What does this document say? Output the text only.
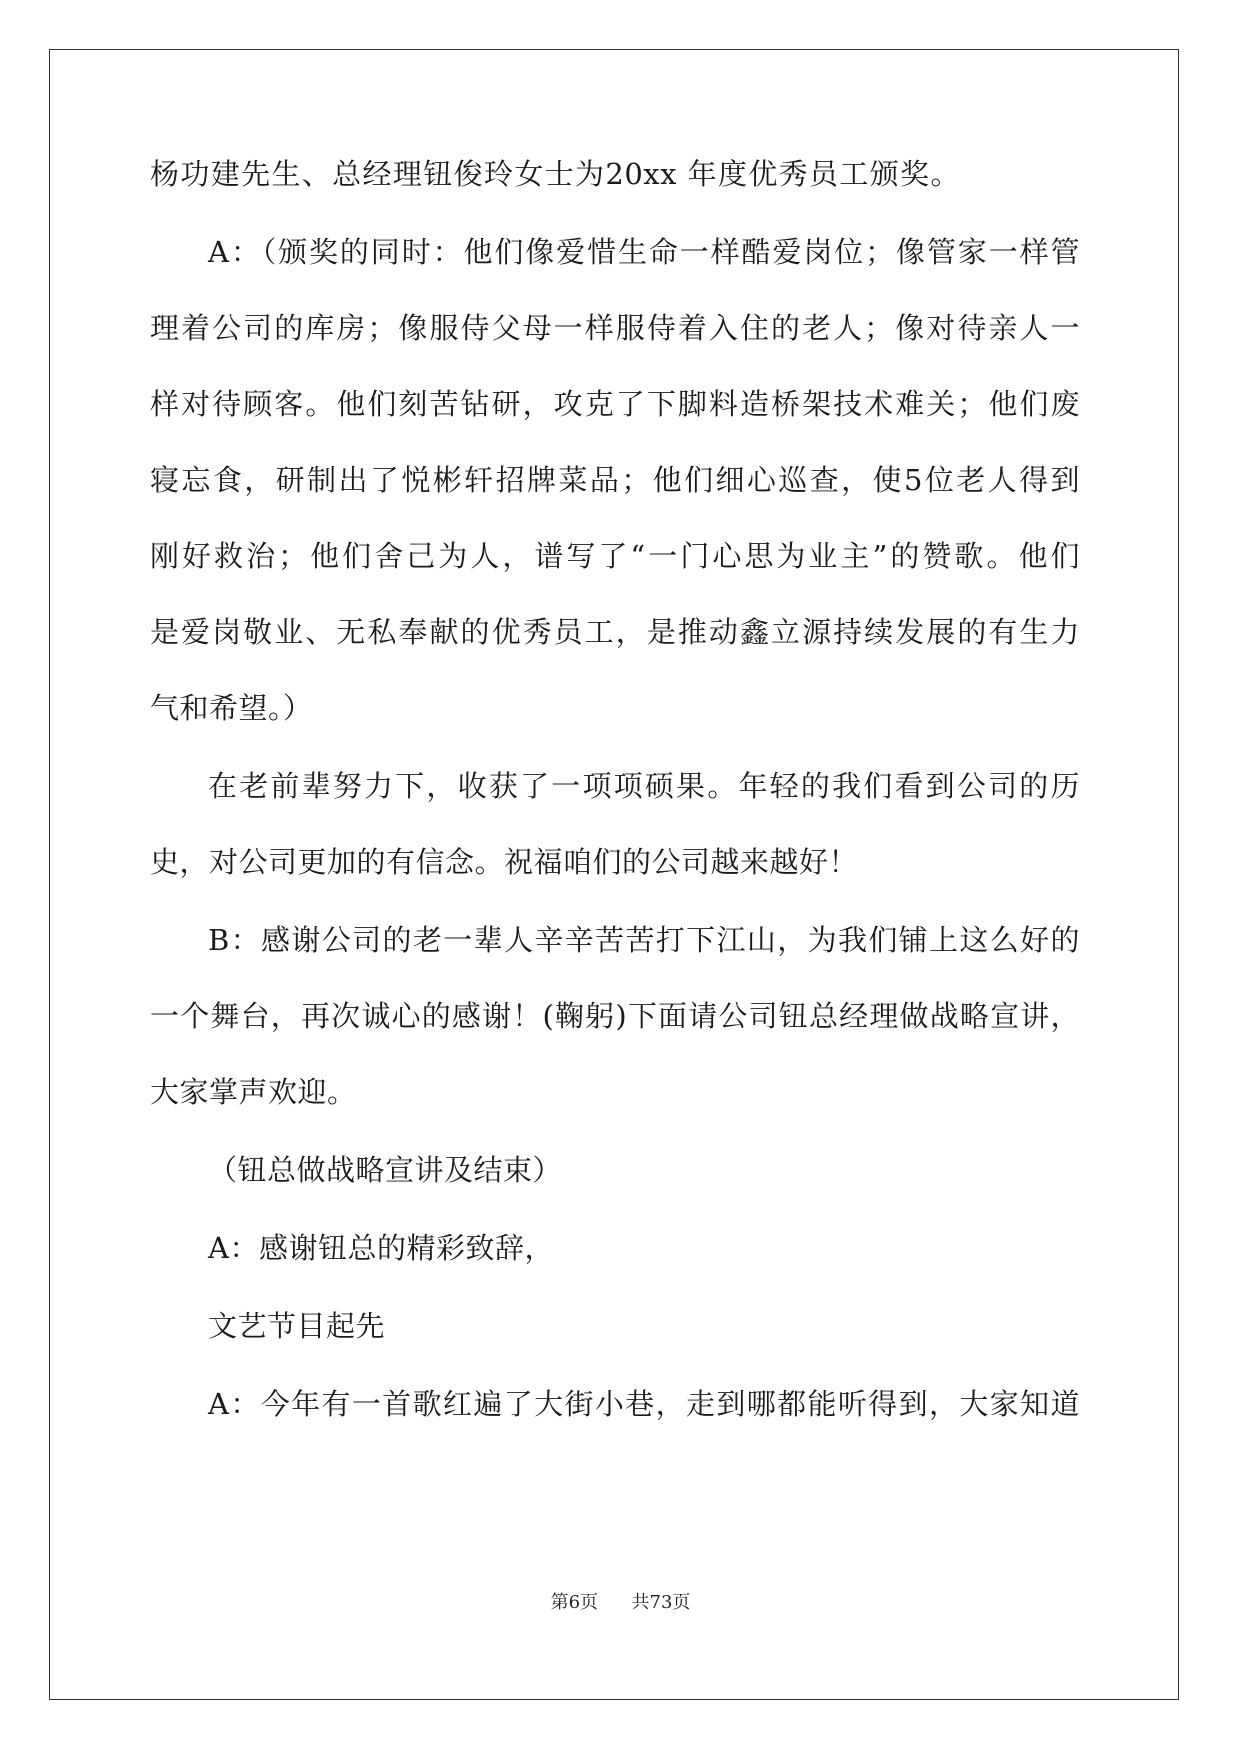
杨功建先生、总经理钮俊玲女士为20xx 年度优秀员工颁奖。
A：（颁奖的同时：他们像爱惜生命一样酷爱岗位；像管家一样管
理着公司的库房；像服侍父母一样服侍着入住的老人；像对待亲人一
样对待顾客。他们刻苦钻研，攻克了下脚料造桥架技术难关；他们废
寝忘食，研制出了悦彬轩招牌菜品；他们细心巡查，使5位老人得到
刚好救治；他们舍己为人，谱写了“一门心思为业主”的赞歌。他们
是爱岗敬业、无私奉献的优秀员工，是推动鑫立源持续发展的有生力
气和希望。）
在老前辈努力下，收获了一项项硕果。年轻的我们看到公司的历
史，对公司更加的有信念。祝福咱们的公司越来越好！
B：感谢公司的老一辈人辛辛苦苦打下江山，为我们铺上这么好的
一个舞台，再次诚心的感谢！(鞠躬)下面请公司钮总经理做战略宣讲，
大家掌声欢迎。
（钮总做战略宣讲及结束）
A：感谢钮总的精彩致辞，
文艺节目起先
A：今年有一首歌红遍了大街小巷，走到哪都能听得到，大家知道
第6页 共73页
